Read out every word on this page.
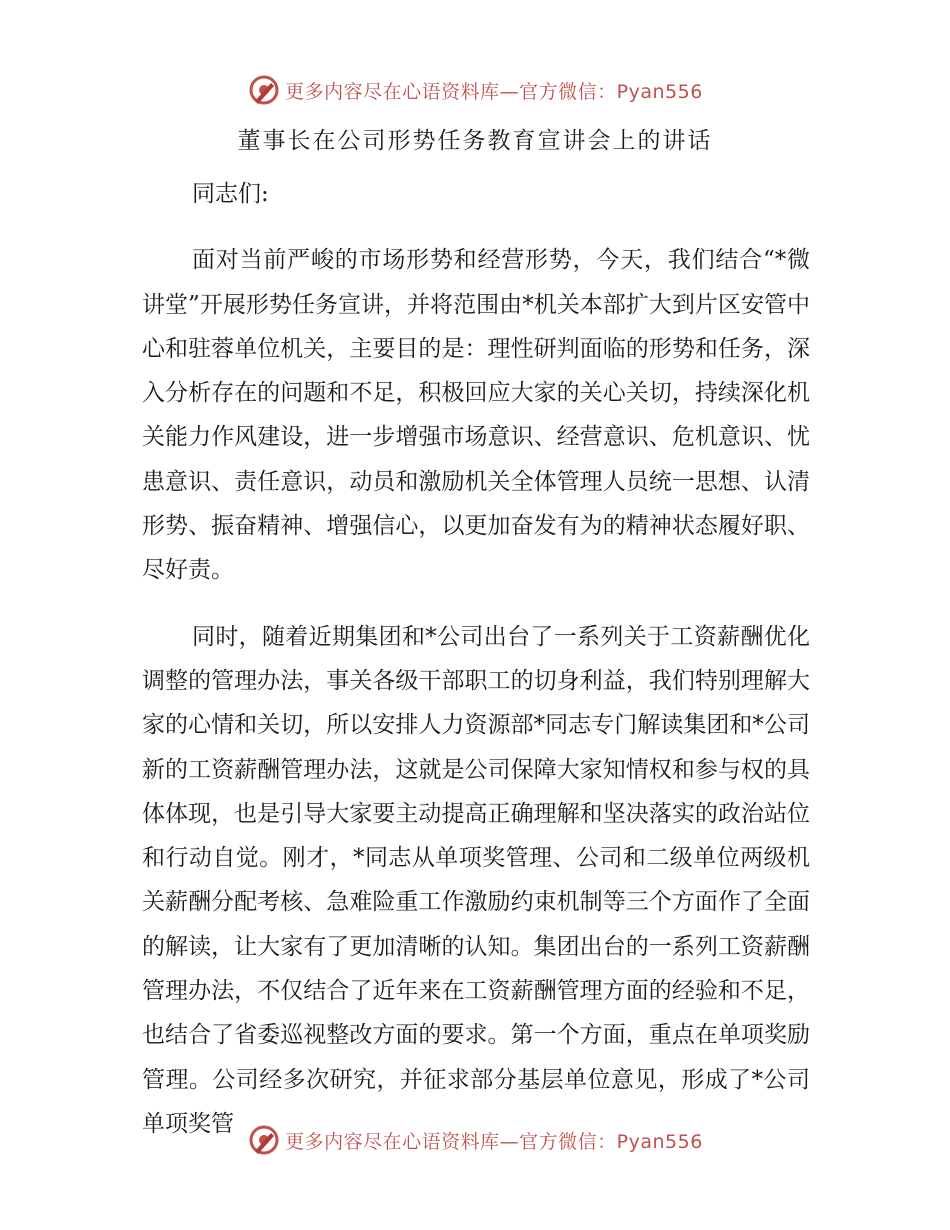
更多内容尽在心语资料库—官方微信：Pyan556
董事长在公司形势任务教育宣讲会上的讲话

同志们:

面对当前严峻的市场形势和经营形势，今天，我们结合“*微讲堂”开展形势任务宣讲，并将范围由*机关本部扩大到片区安管中心和驻蓉单位机关，主要目的是：理性研判面临的形势和任务，深入分析存在的问题和不足，积极回应大家的关心关切，持续深化机关能力作风建设，进一步增强市场意识、经营意识、危机意识、忧患意识、责任意识，动员和激励机关全体管理人员统一思想、认清形势、振奋精神、增强信心，以更加奋发有为的精神状态履好职、尽好责。

同时，随着近期集团和*公司出台了一系列关于工资薪酬优化调整的管理办法，事关各级干部职工的切身利益，我们特别理解大家的心情和关切，所以安排人力资源部*同志专门解读集团和*公司新的工资薪酬管理办法，这就是公司保障大家知情权和参与权的具体体现，也是引导大家要主动提高正确理解和坚决落实的政治站位和行动自觉。刚才，*同志从单项奖管理、公司和二级单位两级机关薪酬分配考核、急难险重工作激励约束机制等三个方面作了全面的解读，让大家有了更加清晰的认知。集团出台的一系列工资薪酬管理办法，不仅结合了近年来在工资薪酬管理方面的经验和不足，也结合了省委巡视整改方面的要求。第一个方面，重点在单项奖励管理。公司经多次研究，并征求部分基层单位意见，形成了*公司单项奖管

更多内容尽在心语资料库—官方微信：Pyan556
